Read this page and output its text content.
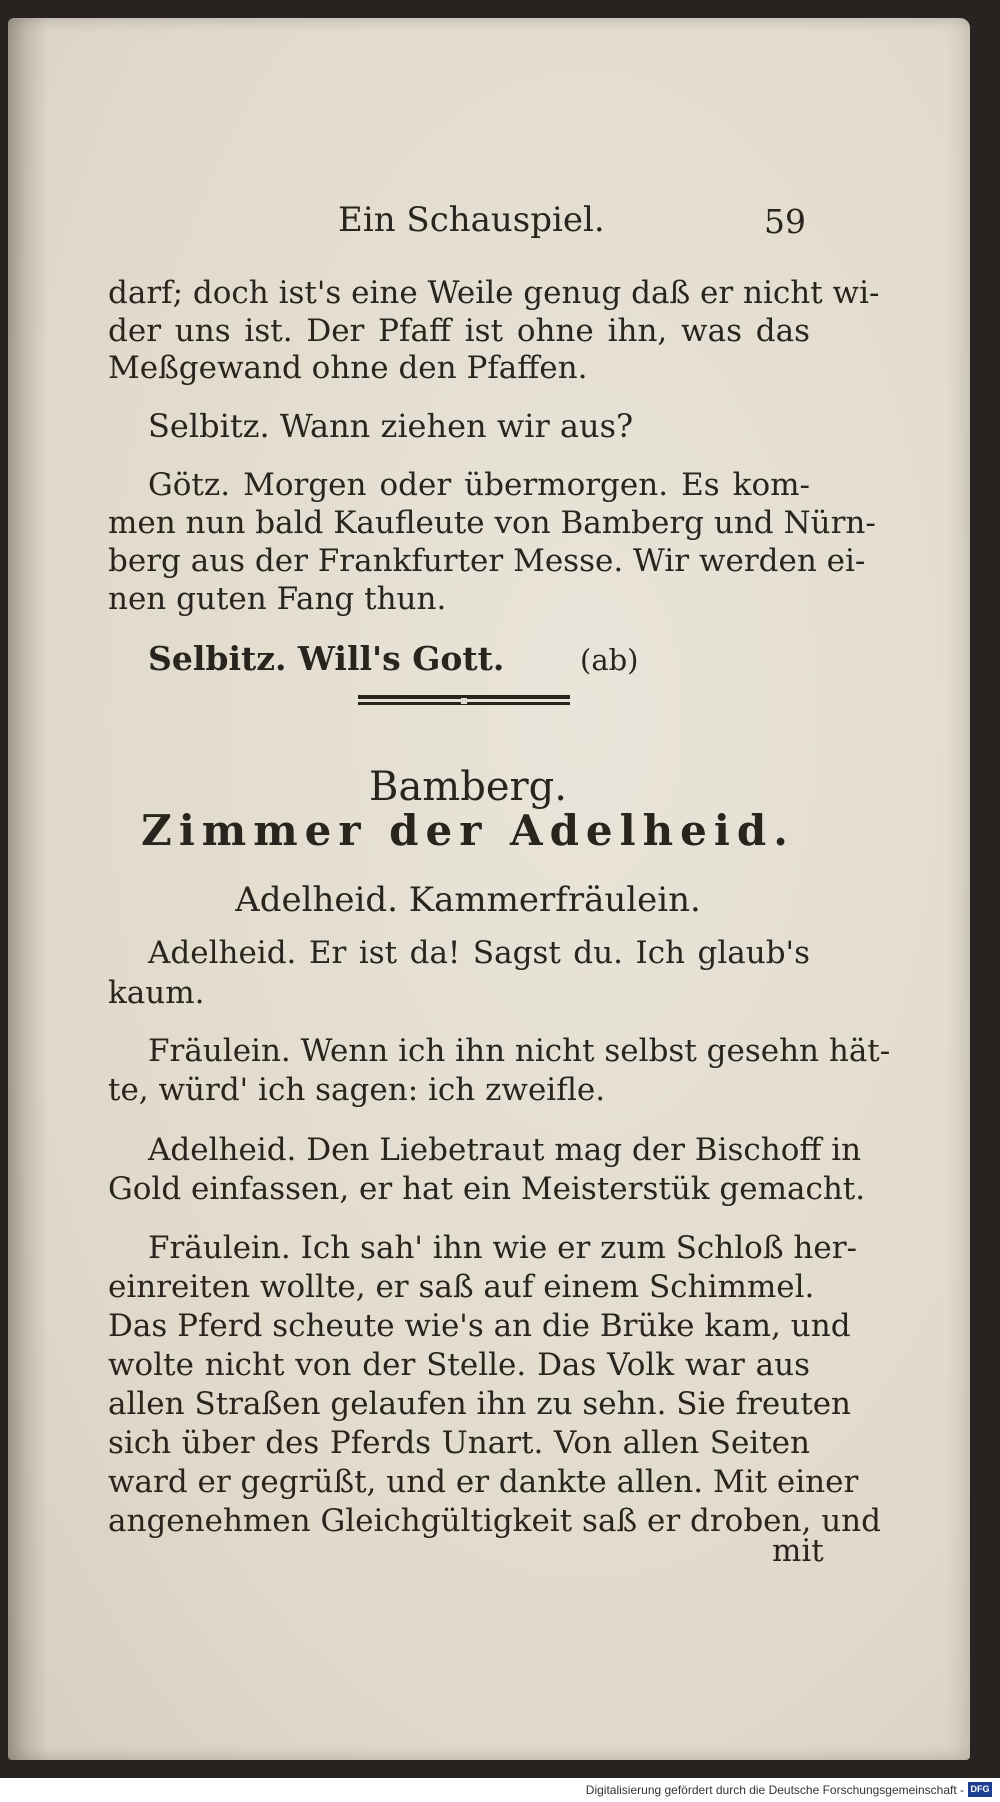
Ein Schauspiel.	59
darf; doch ist's eine Weile genug daß er nicht wi-
der uns ist. Der Pfaff ist ohne ihn, was das
Meßgewand ohne den Pfaffen.
Selbitz. Wann ziehen wir aus?
Götz. Morgen oder übermorgen. Es kom-
men nun bald Kaufleute von Bamberg und Nürn-
berg aus der Frankfurter Messe. Wir werden ei-
nen guten Fang thun.
Selbitz. Will's Gott.	(ab)
Bamberg.
Zimmer der Adelheid.
Adelheid. Kammerfräulein.
Adelheid. Er ist da! Sagst du. Ich glaub's
kaum.
Fräulein. Wenn ich ihn nicht selbst gesehn hät-
te, würd' ich sagen: ich zweifle.
Adelheid. Den Liebetraut mag der Bischoff in
Gold einfassen, er hat ein Meisterstük gemacht.
Fräulein. Ich sah' ihn wie er zum Schloß her-
einreiten wollte, er saß auf einem Schimmel.
Das Pferd scheute wie's an die Brüke kam, und
wolte nicht von der Stelle. Das Volk war aus
allen Straßen gelaufen ihn zu sehn. Sie freuten
sich über des Pferds Unart. Von allen Seiten
ward er gegrüßt, und er dankte allen. Mit einer
angenehmen Gleichgültigkeit saß er droben, und
mit
Digitalisierung gefördert durch die Deutsche Forschungsgemeinschaft - DFG
